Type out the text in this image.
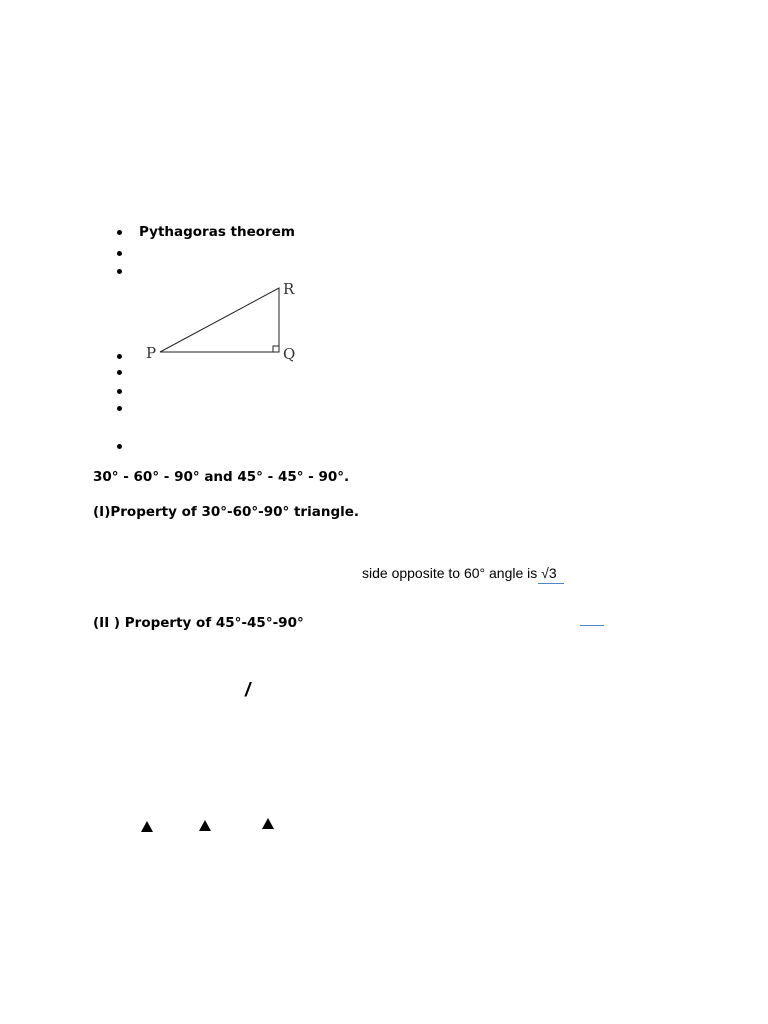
Pythagoras theorem
R
P	Q
30° - 60° - 90° and 45° - 45° - 90°.
(I)Property of 30°-60°-90° triangle.
side opposite to 60° angle is √3
(II ) Property of 45°-45°-90°
/
